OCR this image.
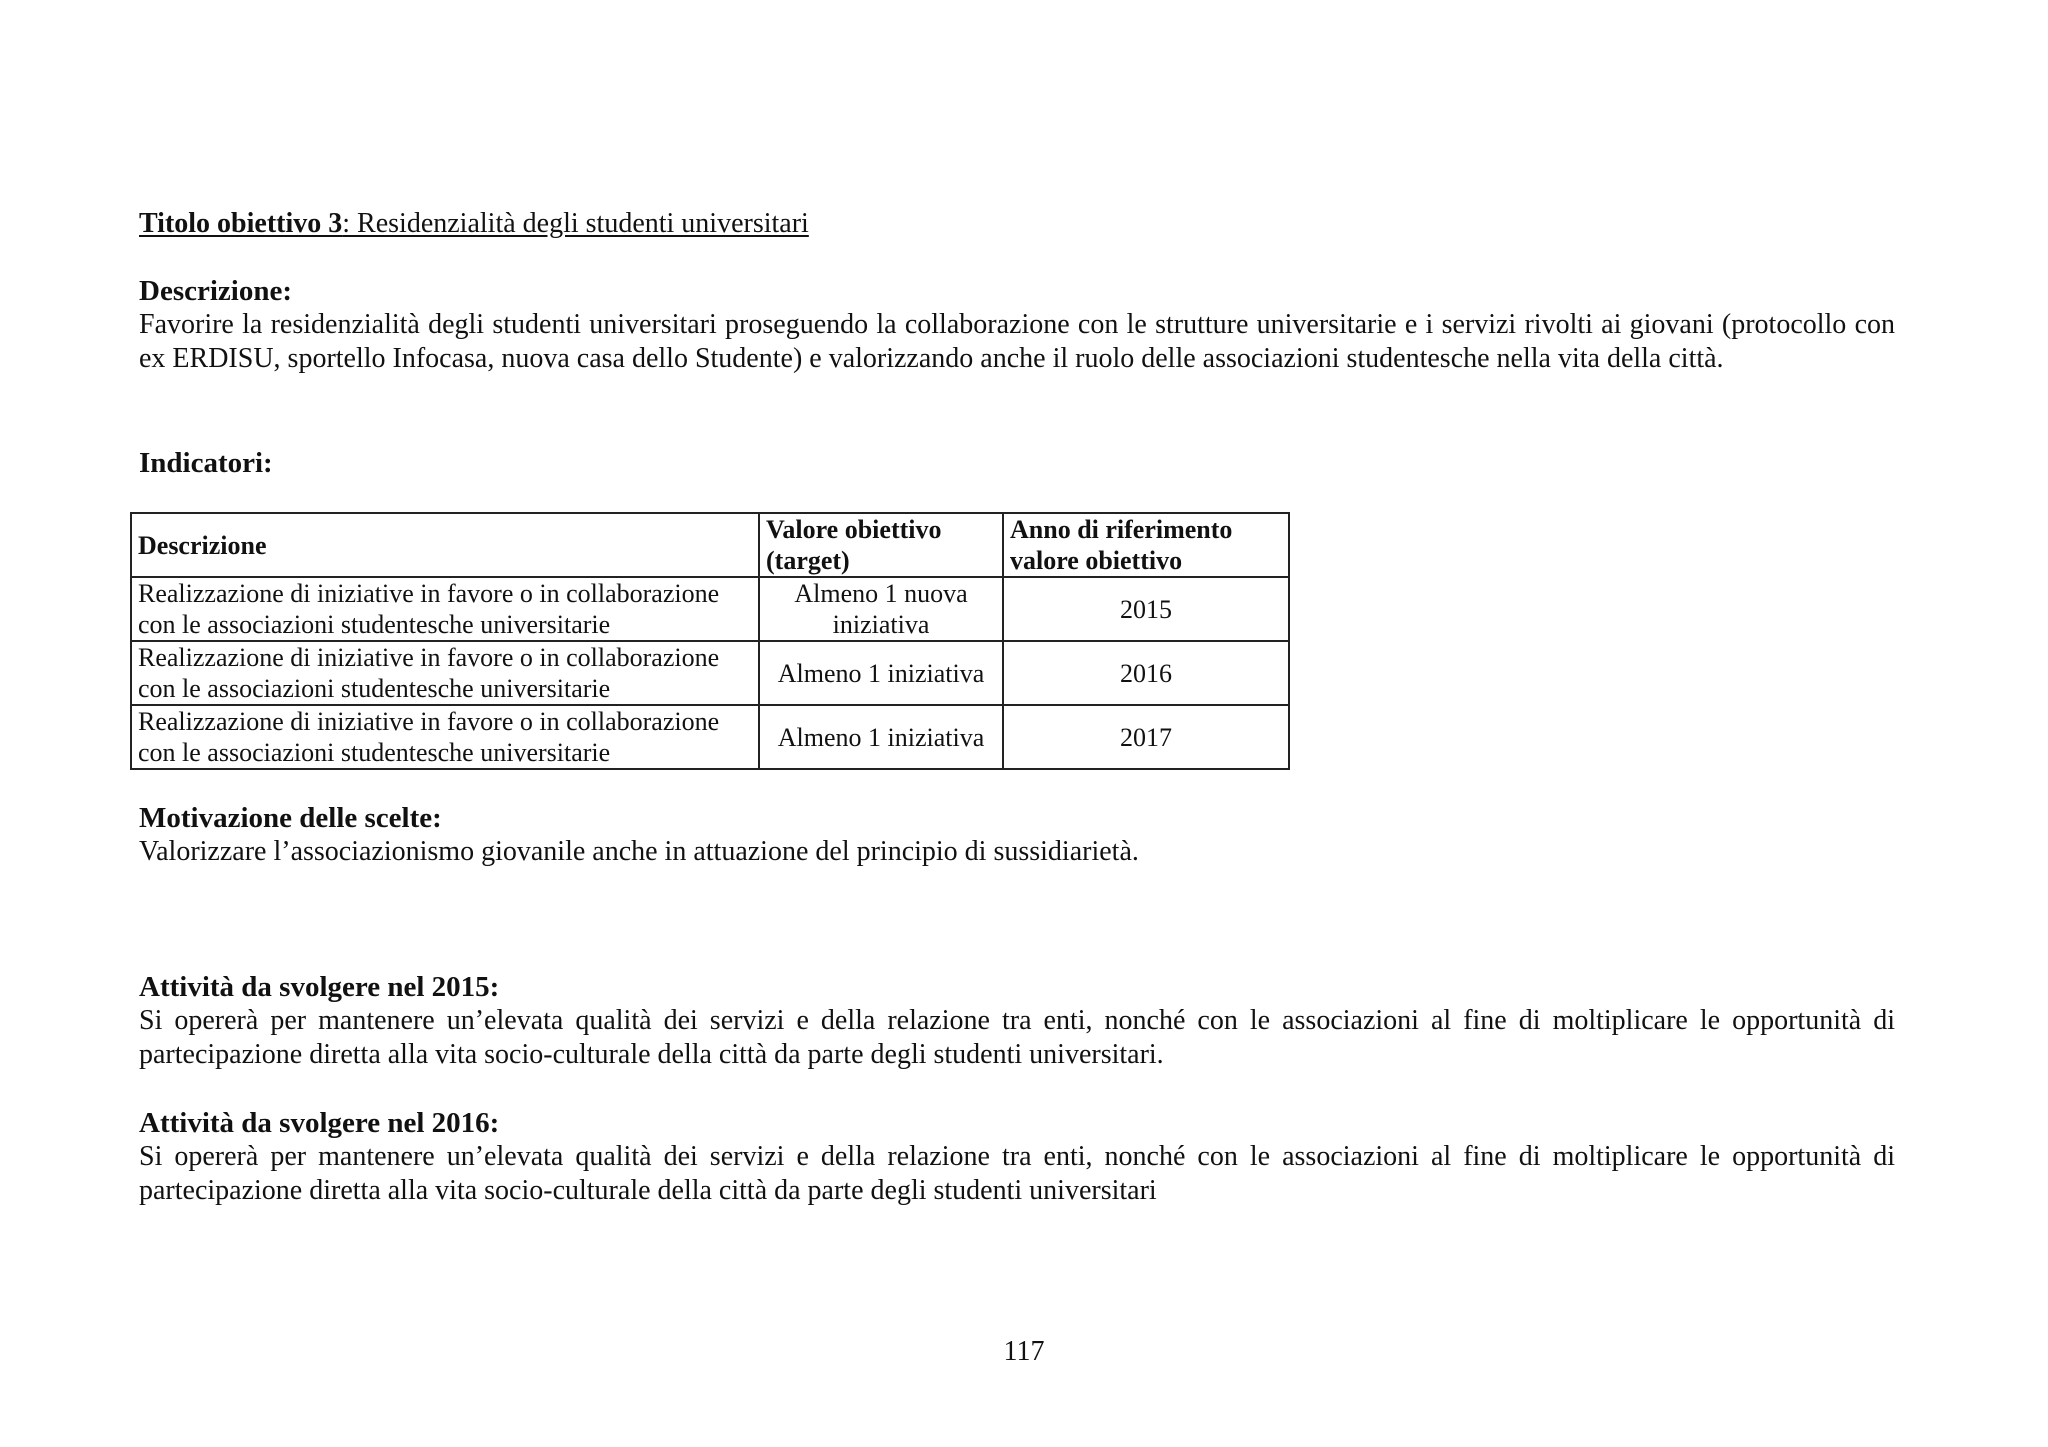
Titolo obiettivo 3: Residenzialità degli studenti universitari
Descrizione:
Favorire la residenzialità degli studenti universitari proseguendo la collaborazione con le strutture universitarie e i servizi rivolti ai giovani (protocollo con ex ERDISU, sportello Infocasa, nuova casa dello Studente) e valorizzando anche il ruolo delle associazioni studentesche nella vita della città.
Indicatori:
Descrizione	Valore obiettivo (target)	Anno di riferimento valore obiettivo
Realizzazione di iniziative in favore o in collaborazione con le associazioni studentesche universitarie	Almeno 1 nuova iniziativa	2015
Realizzazione di iniziative in favore o in collaborazione con le associazioni studentesche universitarie	Almeno 1 iniziativa	2016
Realizzazione di iniziative in favore o in collaborazione con le associazioni studentesche universitarie	Almeno 1 iniziativa	2017
Motivazione delle scelte:
Valorizzare l’associazionismo giovanile anche in attuazione del principio di sussidiarietà.
Attività da svolgere nel 2015:
Si opererà per mantenere un’elevata qualità dei servizi e della relazione tra enti, nonché con le associazioni al fine di moltiplicare le opportunità di partecipazione diretta alla vita socio-culturale della città da parte degli studenti universitari.
Attività da svolgere nel 2016:
Si opererà per mantenere un’elevata qualità dei servizi e della relazione tra enti, nonché con le associazioni al fine di moltiplicare le opportunità di partecipazione diretta alla vita socio-culturale della città da parte degli studenti universitari
117
